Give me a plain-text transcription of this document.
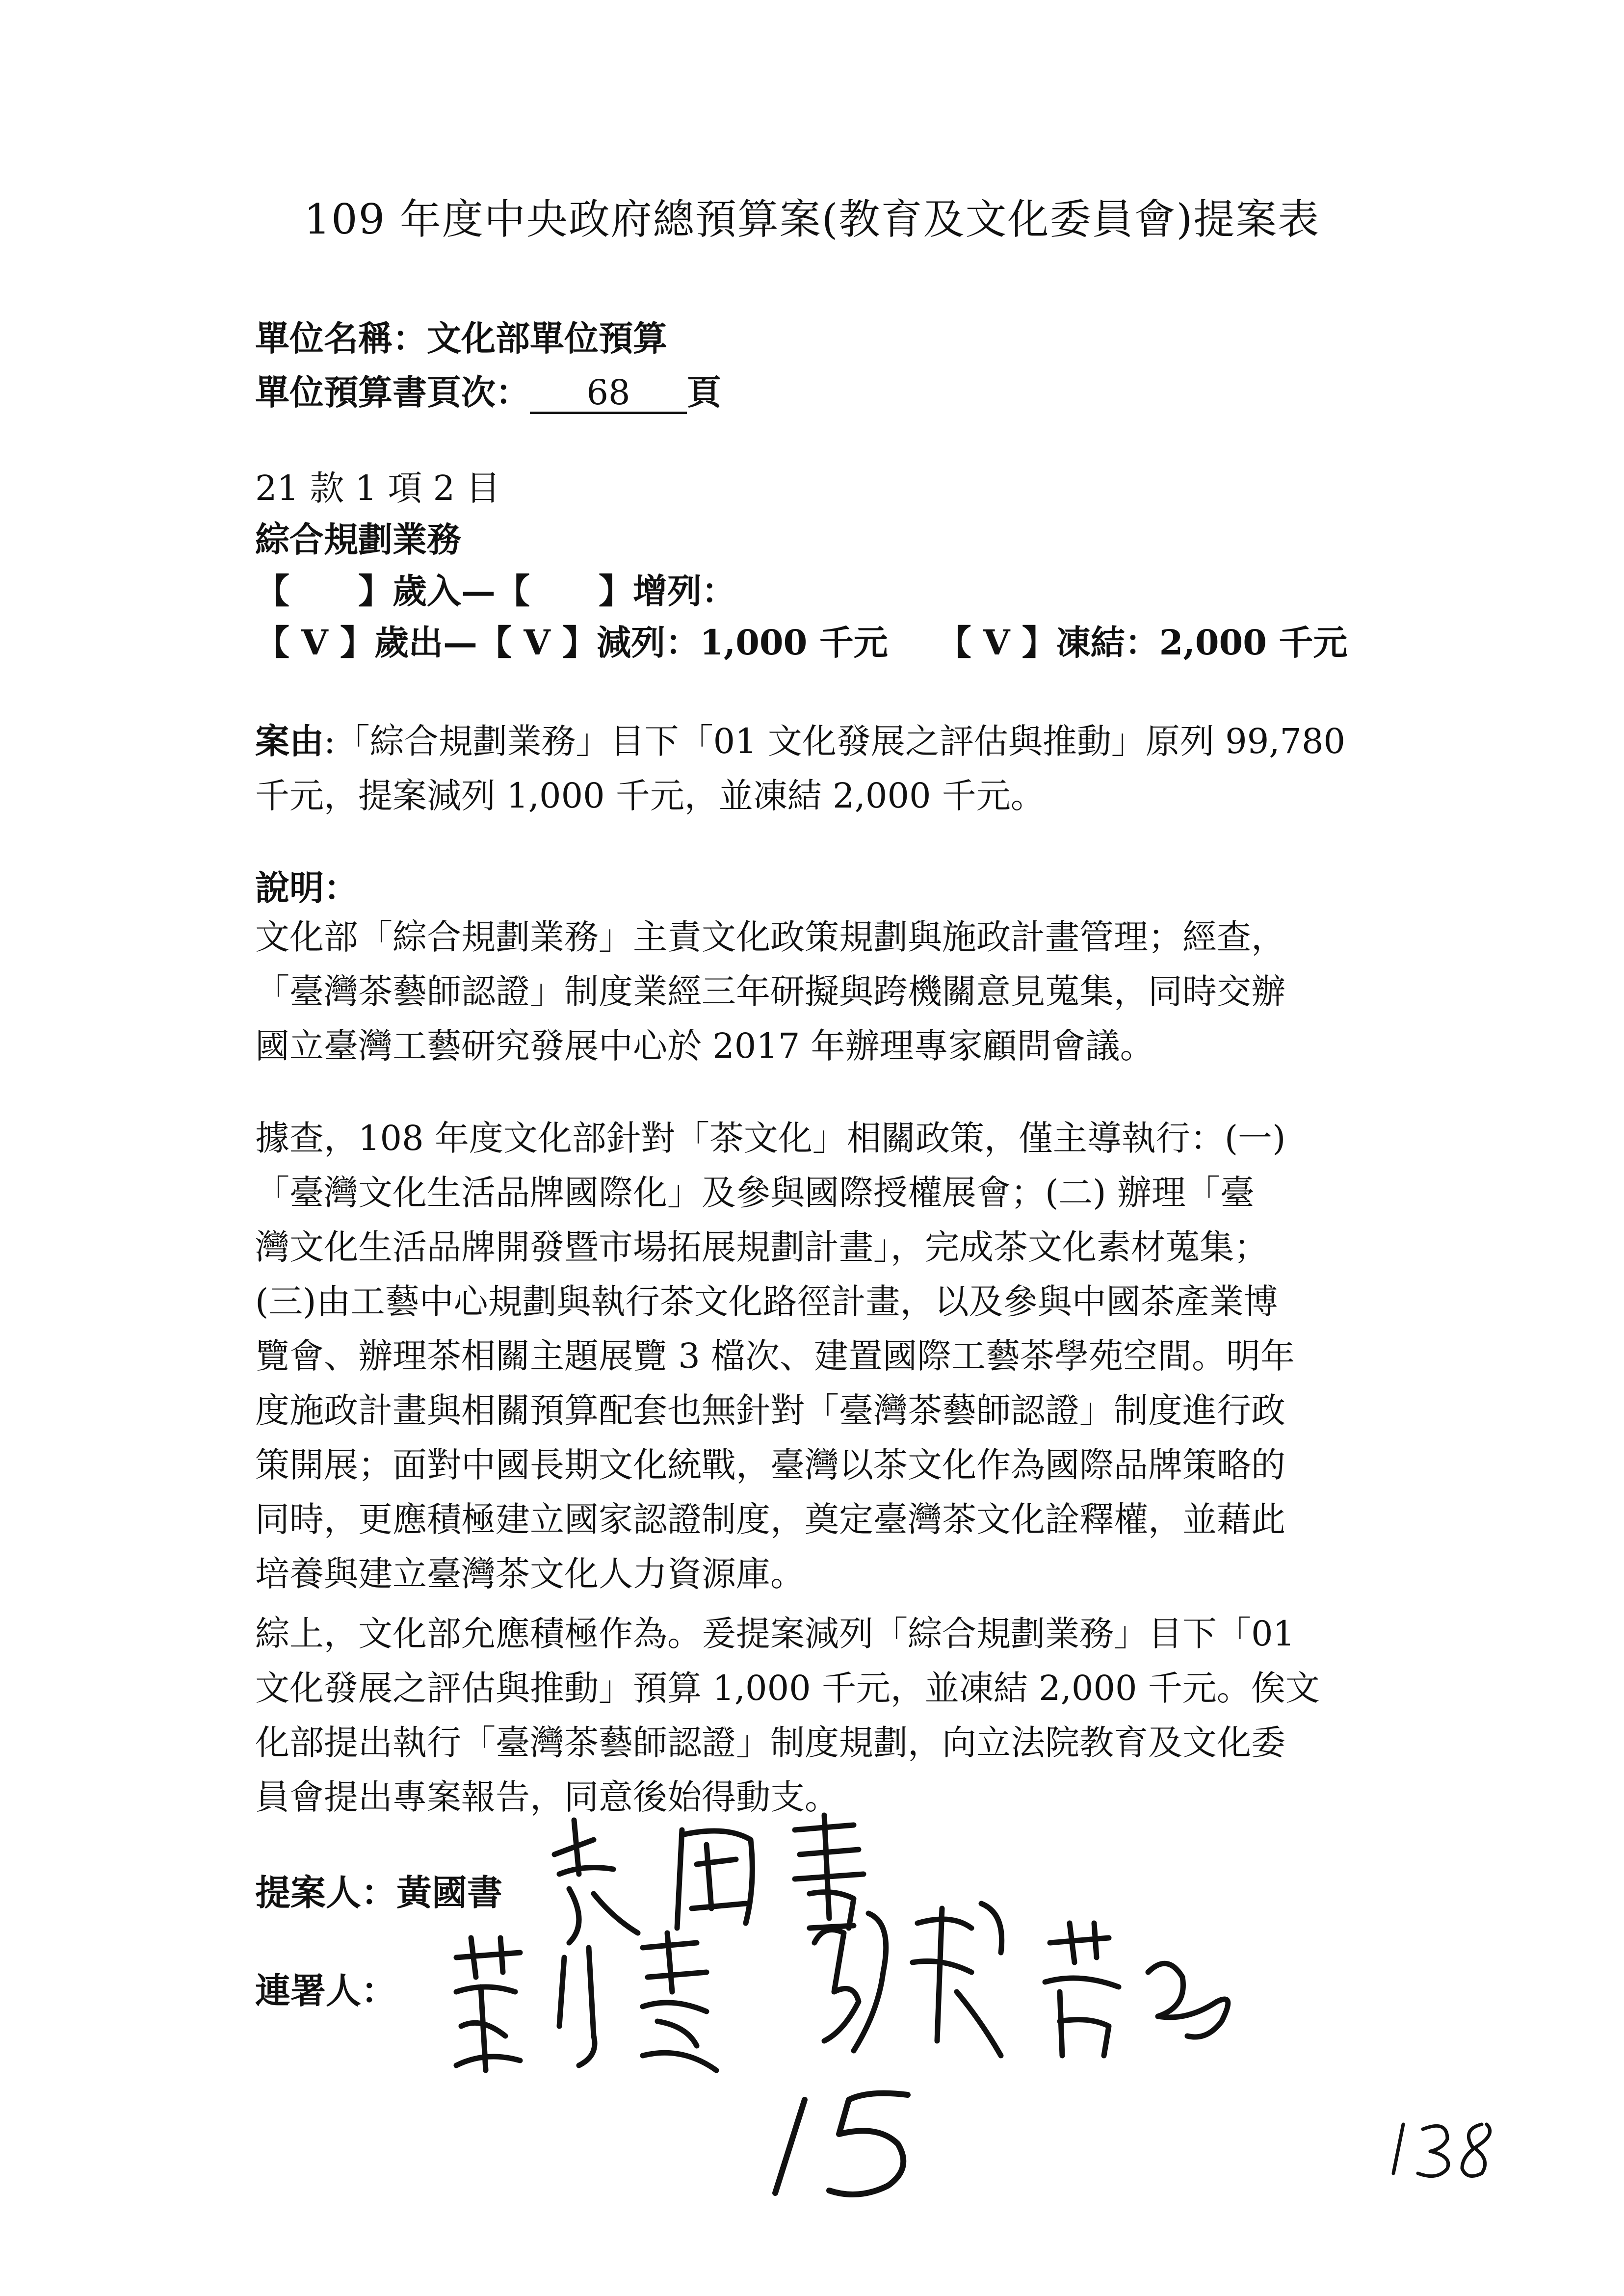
109 年度中央政府總預算案(教育及文化委員會)提案表
單位名稱：文化部單位預算
單位預算書頁次： 68 頁
21 款 1 項 2 目
綜合規劃業務
【　　】歲入—【　　】增列：
【 V 】歲出—【 V 】減列：1,000 千元 【 V 】凍結：2,000 千元

案由:「綜合規劃業務」目下「01 文化發展之評估與推動」原列 99,780

千元，提案減列 1,000 千元，並凍結 2,000 千元。

說明：

文化部「綜合規劃業務」主責文化政策規劃與施政計畫管理；經查，

「臺灣茶藝師認證」制度業經三年研擬與跨機關意見蒐集，同時交辦

國立臺灣工藝研究發展中心於 2017 年辦理專家顧問會議。

據查，108 年度文化部針對「茶文化」相關政策，僅主導執行：(一)

「臺灣文化生活品牌國際化」及參與國際授權展會；(二) 辦理「臺

灣文化生活品牌開發暨市場拓展規劃計畫」，完成茶文化素材蒐集；

(三)由工藝中心規劃與執行茶文化路徑計畫，以及參與中國茶產業博

覽會、辦理茶相關主題展覽 3 檔次、建置國際工藝茶學苑空間。明年

度施政計畫與相關預算配套也無針對「臺灣茶藝師認證」制度進行政

策開展；面對中國長期文化統戰，臺灣以茶文化作為國際品牌策略的

同時，更應積極建立國家認證制度，奠定臺灣茶文化詮釋權，並藉此

培養與建立臺灣茶文化人力資源庫。

綜上，文化部允應積極作為。爰提案減列「綜合規劃業務」目下「01

文化發展之評估與推動」預算 1,000 千元，並凍結 2,000 千元。俟文

化部提出執行「臺灣茶藝師認證」制度規劃，向立法院教育及文化委

員會提出專案報告，同意後始得動支。

提案人：黃國書
連署人：
